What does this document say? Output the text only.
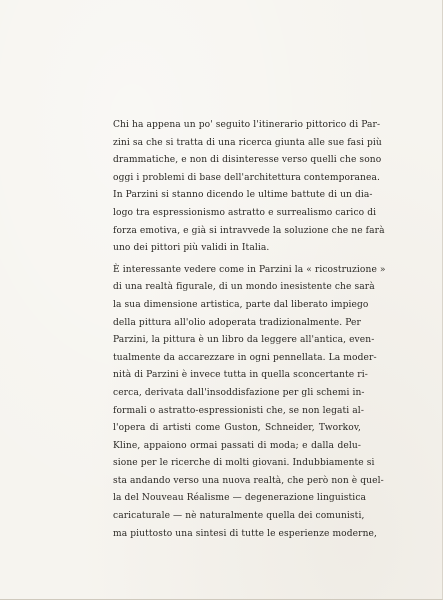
Chi ha appena un po' seguito l'itinerario pittorico di Par-
zini sa che si tratta di una ricerca giunta alle sue fasi più
drammatiche, e non di disinteresse verso quelli che sono
oggi i problemi di base dell'architettura contemporanea.
In Parzini si stanno dicendo le ultime battute di un dia-
logo tra espressionismo astratto e surrealismo carico di
forza emotiva, e già si intravvede la soluzione che ne farà
uno dei pittori più validi in Italia.

È interessante vedere come in Parzini la « ricostruzione »
di una realtà figurale, di un mondo inesistente che sarà
la sua dimensione artistica, parte dal liberato impiego
della pittura all'olio adoperata tradizionalmente. Per
Parzini, la pittura è un libro da leggere all'antica, even-
tualmente da accarezzare in ogni pennellata. La moder-
nità di Parzini è invece tutta in quella sconcertante ri-
cerca, derivata dall'insoddisfazione per gli schemi in-
formali o astratto-espressionisti che, se non legati al-
l'opera di artisti come Guston, Schneider, Tworkov,
Kline, appaiono ormai passati di moda; e dalla delu-
sione per le ricerche di molti giovani. Indubbiamente si
sta andando verso una nuova realtà, che però non è quel-
la del Nouveau Réalisme — degenerazione linguistica
caricaturale — nè naturalmente quella dei comunisti,
ma piuttosto una sintesi di tutte le esperienze moderne,
